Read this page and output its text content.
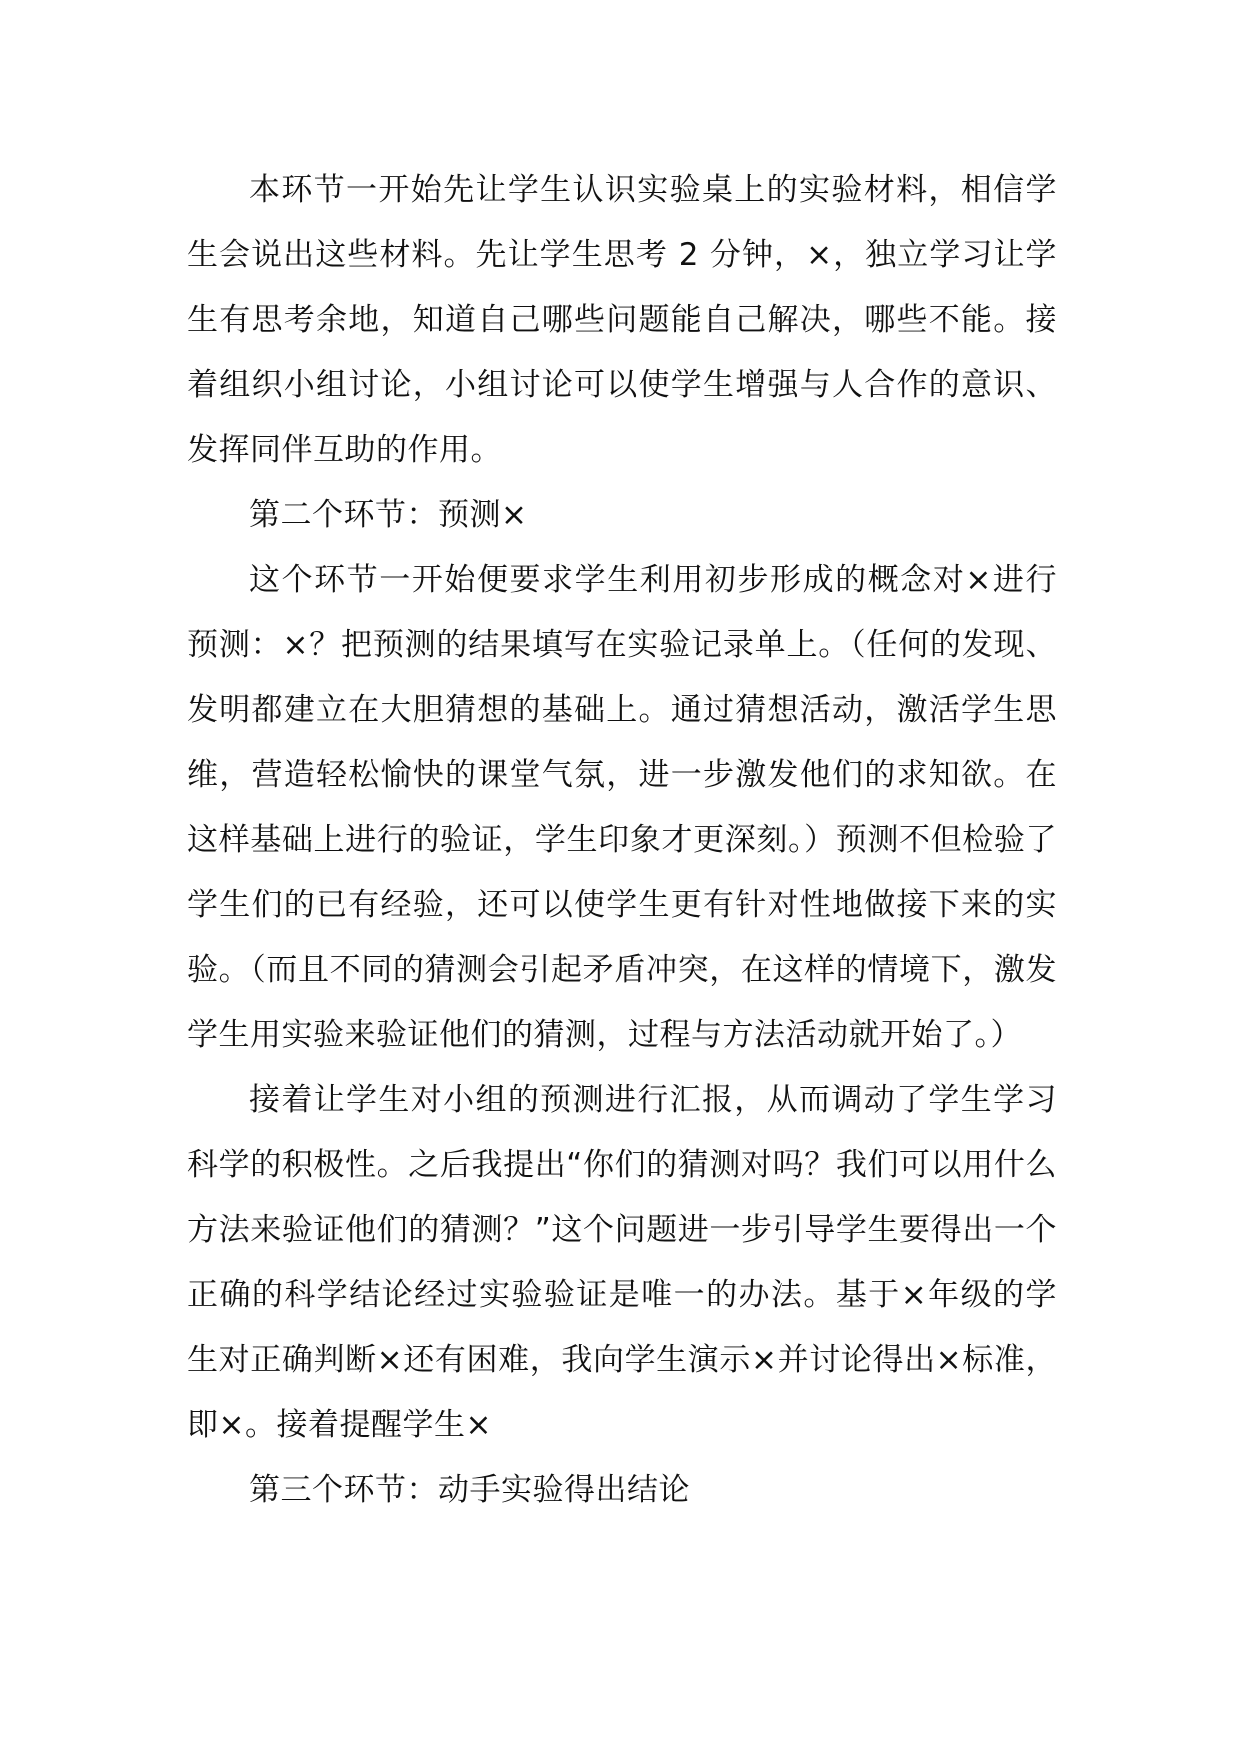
本环节一开始先让学生认识实验桌上的实验材料，相信学生会说出这些材料。先让学生思考 2 分钟，×，独立学习让学生有思考余地，知道自己哪些问题能自己解决，哪些不能。接着组织小组讨论，小组讨论可以使学生增强与人合作的意识、发挥同伴互助的作用。

第二个环节：预测×

这个环节一开始便要求学生利用初步形成的概念对×进行预测：×？把预测的结果填写在实验记录单上。（任何的发现、发明都建立在大胆猜想的基础上。通过猜想活动，激活学生思维，营造轻松愉快的课堂气氛，进一步激发他们的求知欲。在这样基础上进行的验证，学生印象才更深刻。）预测不但检验了学生们的已有经验，还可以使学生更有针对性地做接下来的实验。（而且不同的猜测会引起矛盾冲突，在这样的情境下，激发学生用实验来验证他们的猜测，过程与方法活动就开始了。）

接着让学生对小组的预测进行汇报，从而调动了学生学习科学的积极性。之后我提出“你们的猜测对吗？我们可以用什么方法来验证他们的猜测？”这个问题进一步引导学生要得出一个正确的科学结论经过实验验证是唯一的办法。基于×年级的学生对正确判断×还有困难，我向学生演示×并讨论得出×标准，即×。接着提醒学生×

第三个环节：动手实验得出结论
